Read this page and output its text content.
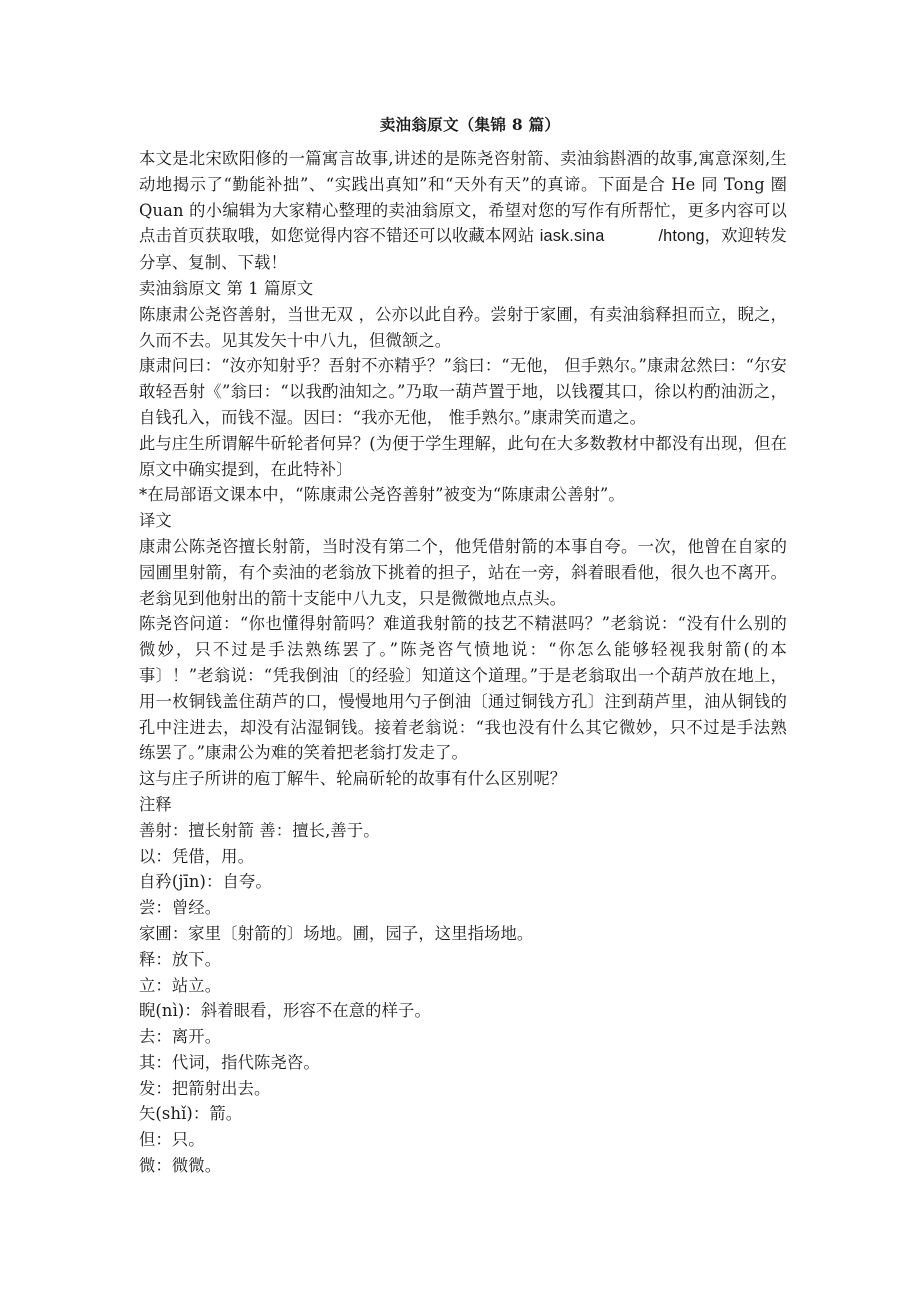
卖油翁原文（集锦 8 篇）

本文是北宋欧阳修的一篇寓言故事,讲述的是陈尧咨射箭、卖油翁斟酒的故事,寓意深刻,生动地揭示了“勤能补拙”、“实践出真知”和“天外有天”的真谛。下面是合 He 同 Tong 圈 Quan 的小编辑为大家精心整理的卖油翁原文，希望对您的写作有所帮忙，更多内容可以点击首页获取哦，如您觉得内容不错还可以收藏本网站 iask.sina	/htong，欢迎转发分享、复制、下载！

卖油翁原文 第 1 篇原文

陈康肃公尧咨善射，当世无双 ，公亦以此自矜。尝射于家圃，有卖油翁释担而立，睨之，久而不去。见其发矢十中八九，但微颔之。

康肃问曰：“汝亦知射乎？吾射不亦精乎？”翁曰：“无他， 但手熟尔。”康肃忿然曰：“尔安敢轻吾射《”翁曰：“以我酌油知之。”乃取一葫芦置于地，以钱覆其口，徐以杓酌油沥之，自钱孔入，而钱不湿。因曰：“我亦无他， 惟手熟尔。”康肃笑而遣之。

此与庄生所谓解牛斫轮者何异？(为便于学生理解，此句在大多数教材中都没有出现，但在原文中确实提到，在此特补〕

*在局部语文课本中，“陈康肃公尧咨善射”被变为“陈康肃公善射”。

译文

康肃公陈尧咨擅长射箭，当时没有第二个，他凭借射箭的本事自夸。一次，他曾在自家的园圃里射箭，有个卖油的老翁放下挑着的担子，站在一旁，斜着眼看他，很久也不离开。老翁见到他射出的箭十支能中八九支，只是微微地点点头。

陈尧咨问道：“你也懂得射箭吗？难道我射箭的技艺不精湛吗？”老翁说：“没有什么别的微妙，只不过是手法熟练罢了。”陈尧咨气愤地说：“你怎么能够轻视我射箭(的本事〕！”老翁说：“凭我倒油〔的经验〕知道这个道理。”于是老翁取出一个葫芦放在地上，用一枚铜钱盖住葫芦的口，慢慢地用勺子倒油〔通过铜钱方孔〕注到葫芦里，油从铜钱的孔中注进去，却没有沾湿铜钱。接着老翁说：“我也没有什么其它微妙，只不过是手法熟练罢了。”康肃公为难的笑着把老翁打发走了。

这与庄子所讲的庖丁解牛、轮扁斫轮的故事有什么区别呢？

注释

善射：擅长射箭 善：擅长,善于。

以：凭借，用。

自矜(jīn)：自夸。

尝：曾经。

家圃：家里〔射箭的〕场地。圃，园子，这里指场地。

释：放下。

立：站立。

睨(nì)：斜着眼看，形容不在意的样子。

去：离开。

其：代词，指代陈尧咨。

发：把箭射出去。

矢(shǐ)：箭。

但：只。

微：微微。
